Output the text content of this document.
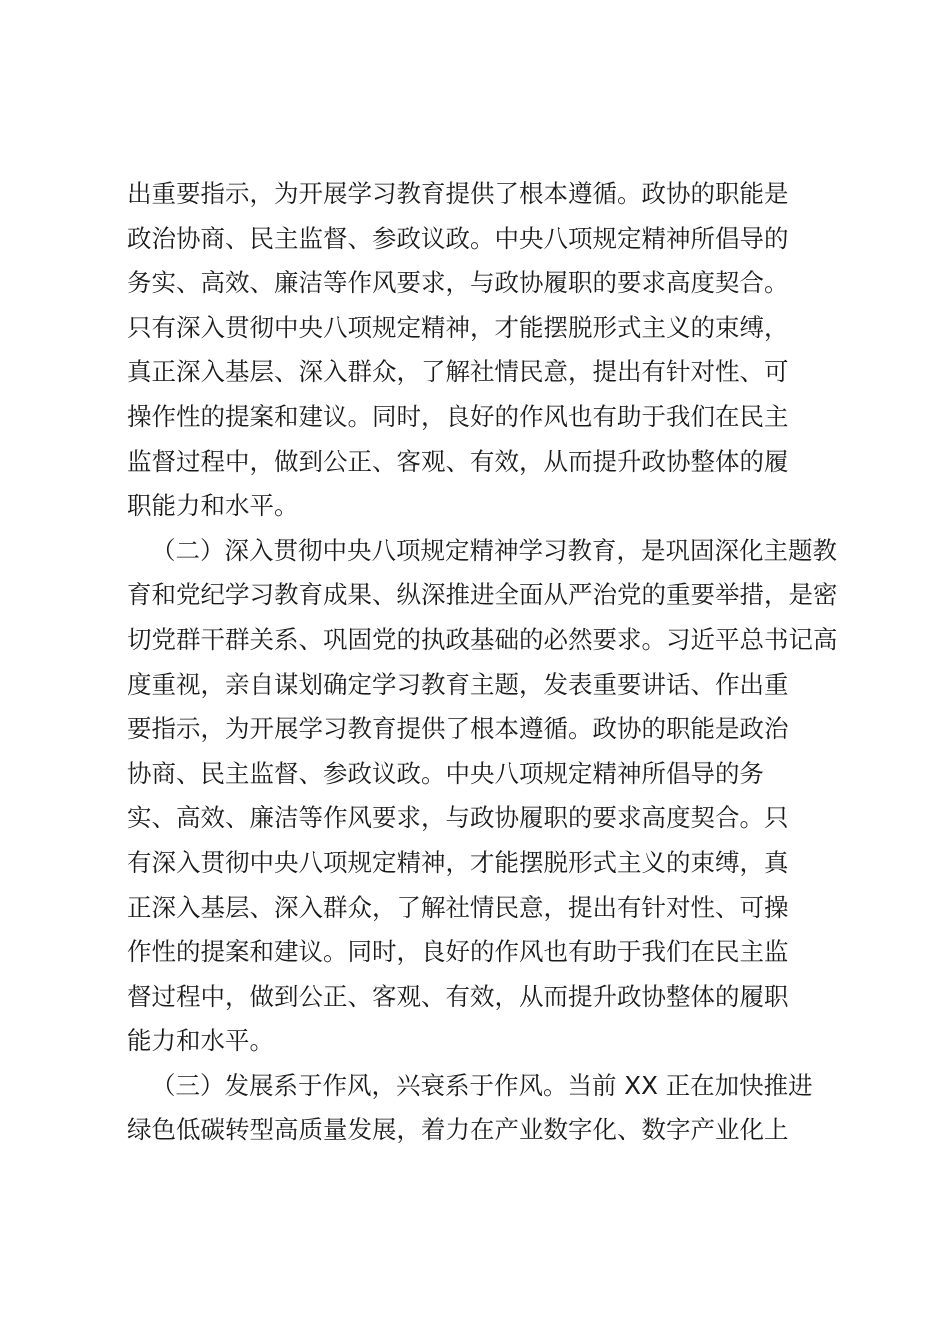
出重要指示，为开展学习教育提供了根本遵循。政协的职能是
政治协商、民主监督、参政议政。中央八项规定精神所倡导的
务实、高效、廉洁等作风要求，与政协履职的要求高度契合。
只有深入贯彻中央八项规定精神，才能摆脱形式主义的束缚，
真正深入基层、深入群众，了解社情民意，提出有针对性、可
操作性的提案和建议。同时，良好的作风也有助于我们在民主
监督过程中，做到公正、客观、有效，从而提升政协整体的履
职能力和水平。

（二）深入贯彻中央八项规定精神学习教育，是巩固深化主题教
育和党纪学习教育成果、纵深推进全面从严治党的重要举措，是密
切党群干群关系、巩固党的执政基础的必然要求。习近平总书记高
度重视，亲自谋划确定学习教育主题，发表重要讲话、作出重
要指示，为开展学习教育提供了根本遵循。政协的职能是政治
协商、民主监督、参政议政。中央八项规定精神所倡导的务
实、高效、廉洁等作风要求，与政协履职的要求高度契合。只
有深入贯彻中央八项规定精神，才能摆脱形式主义的束缚，真
正深入基层、深入群众，了解社情民意，提出有针对性、可操
作性的提案和建议。同时，良好的作风也有助于我们在民主监
督过程中，做到公正、客观、有效，从而提升政协整体的履职
能力和水平。

（三）发展系于作风，兴衰系于作风。当前 XX 正在加快推进
绿色低碳转型高质量发展，着力在产业数字化、数字产业化上
